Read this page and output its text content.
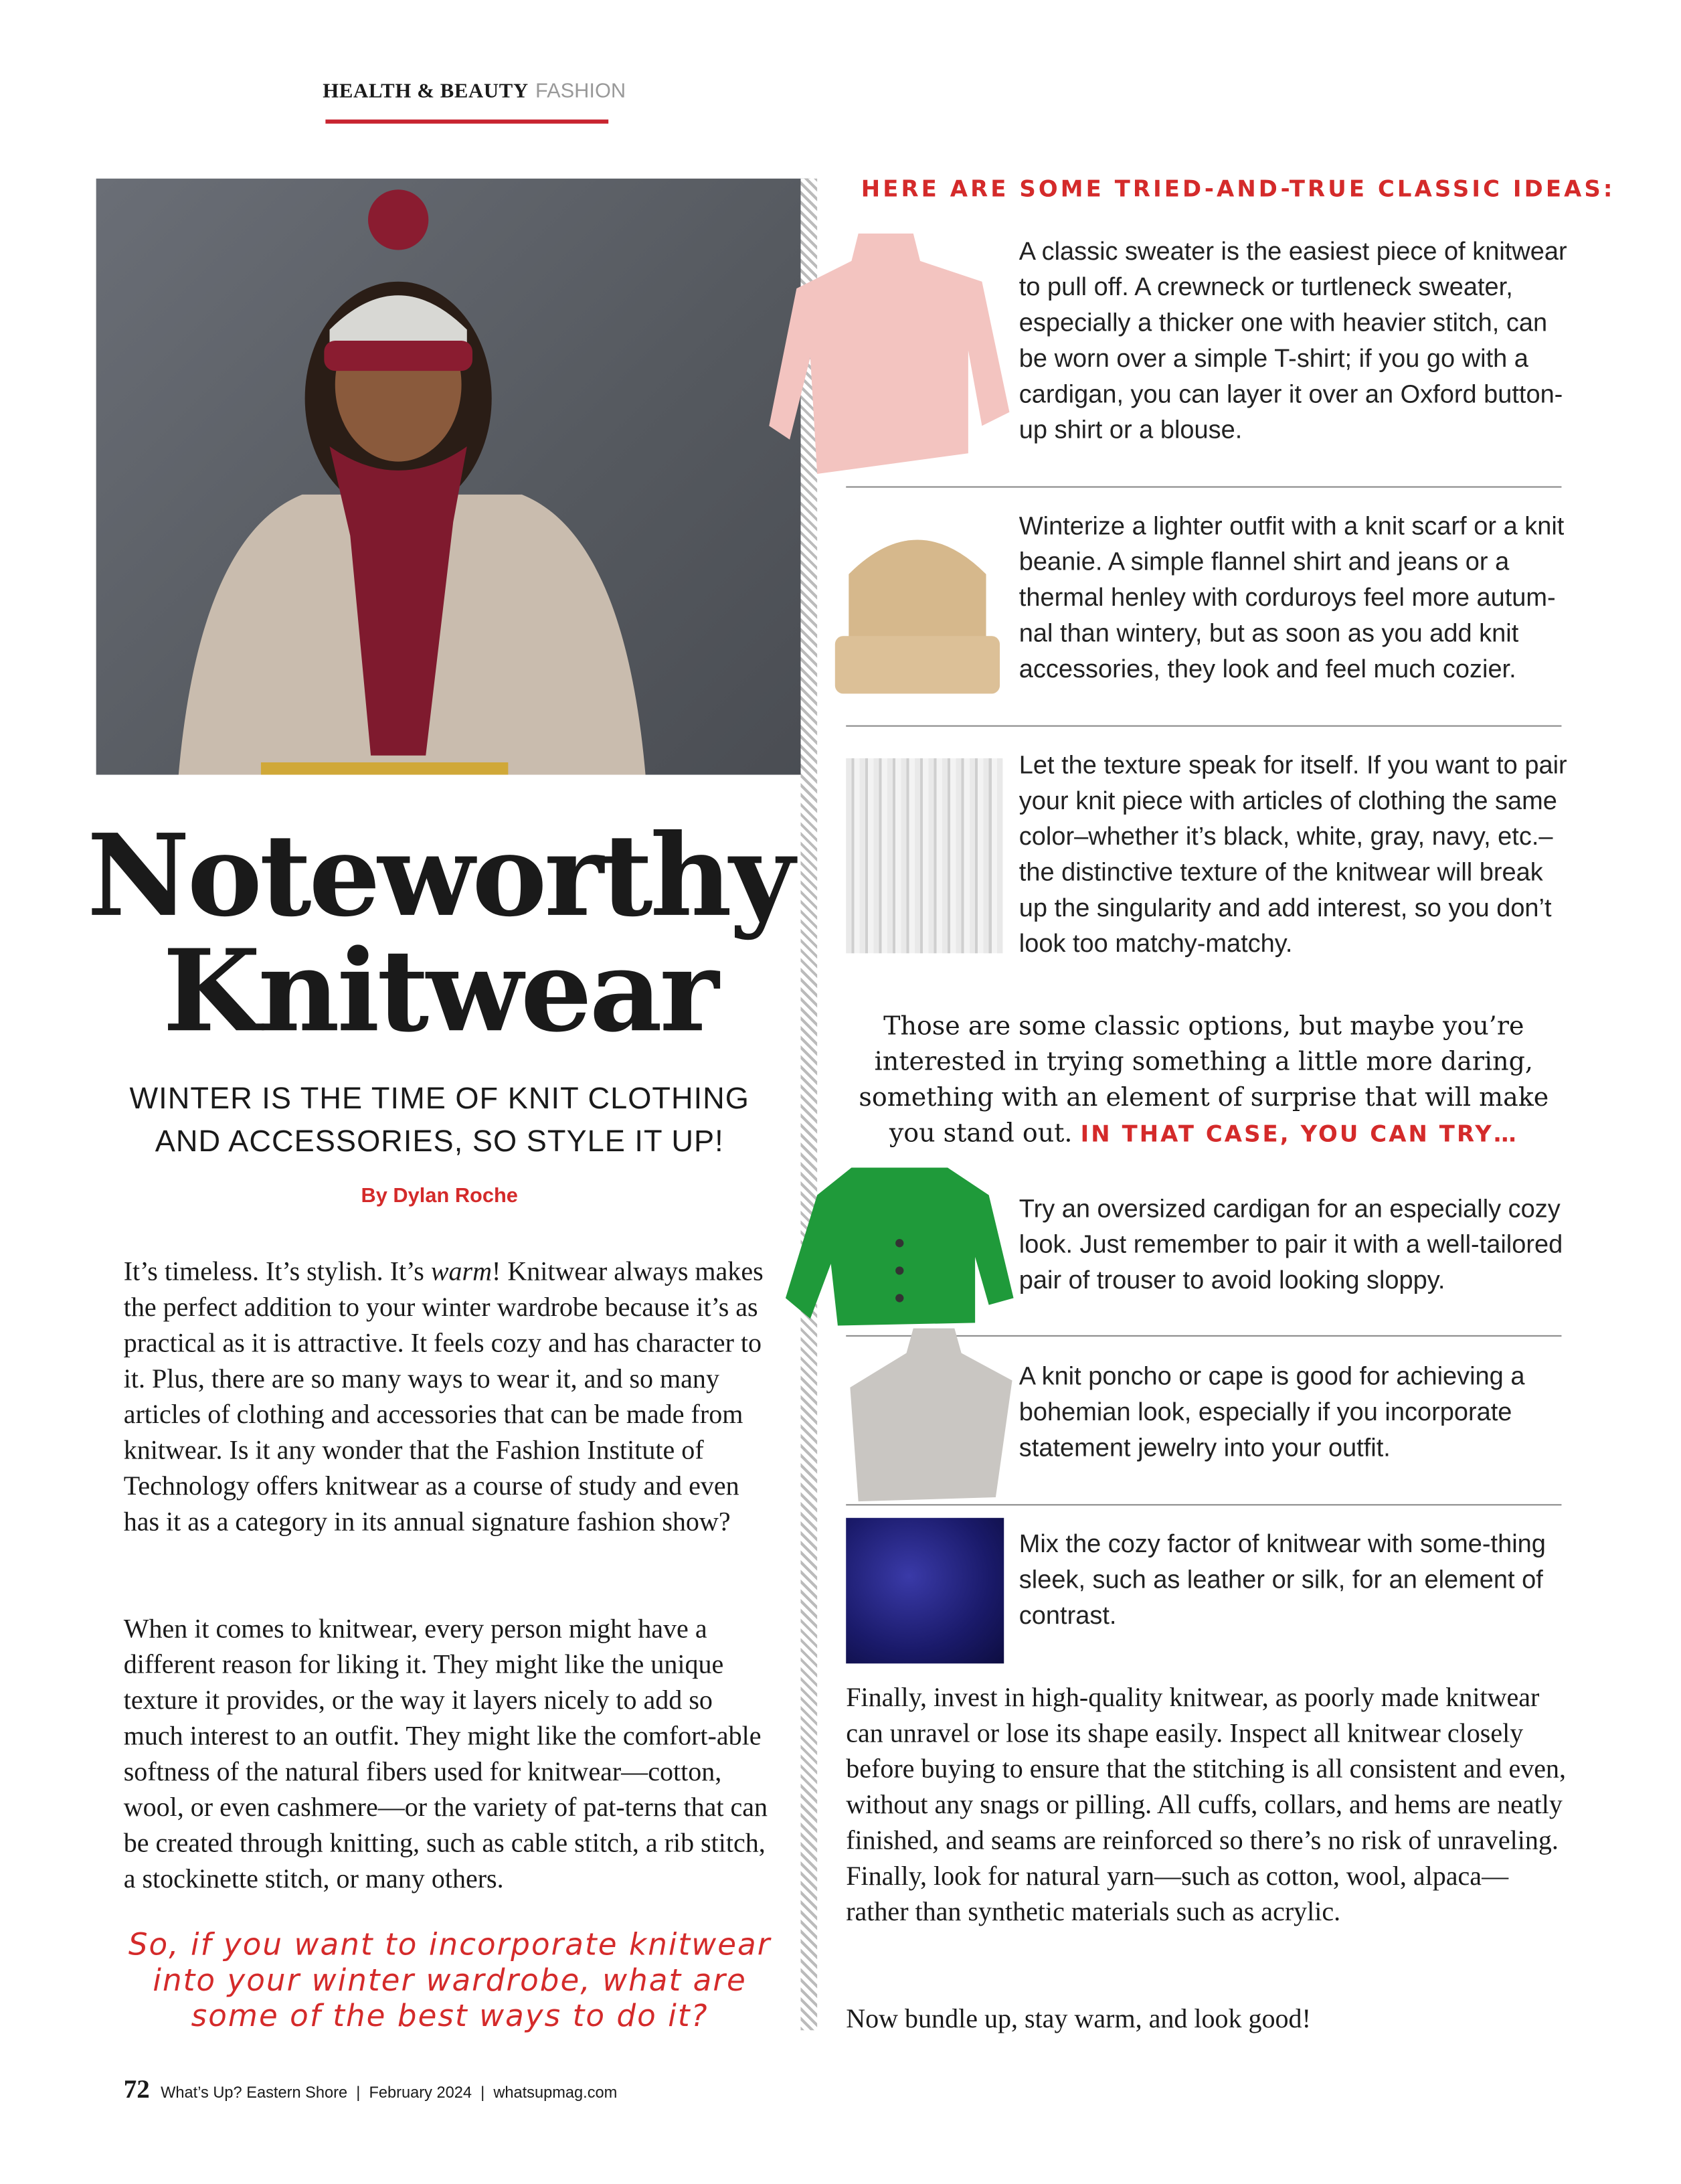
HEALTH & BEAUTY FASHION
Noteworthy
Knitwear
WINTER IS THE TIME OF KNIT CLOTHING AND ACCESSORIES, SO STYLE IT UP!
By Dylan Roche

It’s timeless. It’s stylish. It’s warm! Knitwear always makes the perfect addition to your winter wardrobe because it’s as practical as it is attractive. It feels cozy and has character to it. Plus, there are so many ways to wear it, and so many articles of clothing and accessories that can be made from knitwear. Is it any wonder that the Fashion Institute of Technology offers knitwear as a course of study and even has it as a category in its annual signature fashion show?

When it comes to knitwear, every person might have a different reason for liking it. They might like the unique texture it provides, or the way it layers nicely to add so much interest to an outfit. They might like the comfort-able softness of the natural fibers used for knitwear—cotton, wool, or even cashmere—or the variety of pat-terns that can be created through knitting, such as cable stitch, a rib stitch, a stockinette stitch, or many others.

So, if you want to incorporate knitwear into your winter wardrobe, what are some of the best ways to do it?
72 What’s Up? Eastern Shore  |  February 2024  |  whatsupmag.com
HERE ARE SOME TRIED-AND-TRUE CLASSIC IDEAS:
A classic sweater is the easiest piece of knitwear to pull off. A crewneck or turtleneck sweater, especially a thicker one with heavier stitch, can be worn over a simple T-shirt; if you go with a cardigan, you can layer it over an Oxford button-up shirt or a blouse.
Winterize a lighter outfit with a knit scarf or a knit beanie. A simple flannel shirt and jeans or a thermal henley with corduroys feel more autum-nal than wintery, but as soon as you add knit accessories, they look and feel much cozier.
Let the texture speak for itself. If you want to pair your knit piece with articles of clothing the same color–whether it’s black, white, gray, navy, etc.–the distinctive texture of the knitwear will break up the singularity and add interest, so you don’t look too matchy-matchy.
Those are some classic options, but maybe you’re interested in trying something a little more daring, something with an element of surprise that will make you stand out. IN THAT CASE, YOU CAN TRY…
Try an oversized cardigan for an especially cozy look. Just remember to pair it with a well-tailored pair of trouser to avoid looking sloppy.
A knit poncho or cape is good for achieving a bohemian look, especially if you incorporate statement jewelry into your outfit.
Mix the cozy factor of knitwear with some-thing sleek, such as leather or silk, for an element of contrast.

Finally, invest in high-quality knitwear, as poorly made knitwear can unravel or lose its shape easily. Inspect all knitwear closely before buying to ensure that the stitching is all consistent and even, without any snags or pilling. All cuffs, collars, and hems are neatly finished, and seams are reinforced so there’s no risk of unraveling. Finally, look for natural yarn—such as cotton, wool, alpaca—rather than synthetic materials such as acrylic.

Now bundle up, stay warm, and look good!
